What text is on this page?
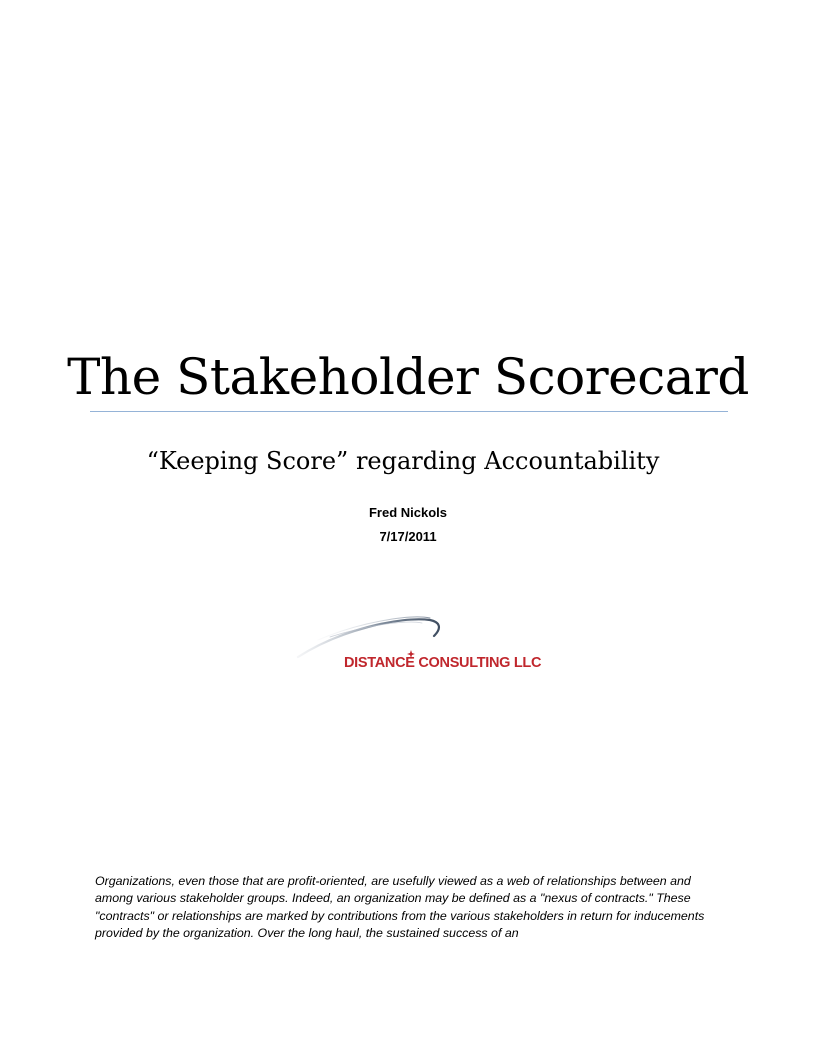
The Stakeholder Scorecard
“Keeping Score” regarding Accountability
Fred Nickols
7/17/2011
DISTANCE CONSULTING LLC

Organizations, even those that are profit-oriented, are usefully viewed as a web of relationships between and among various stakeholder groups. Indeed, an organization may be defined as a "nexus of contracts." These "contracts" or relationships are marked by contributions from the various stakeholders in return for inducements provided by the organization. Over the long haul, the sustained success of an
